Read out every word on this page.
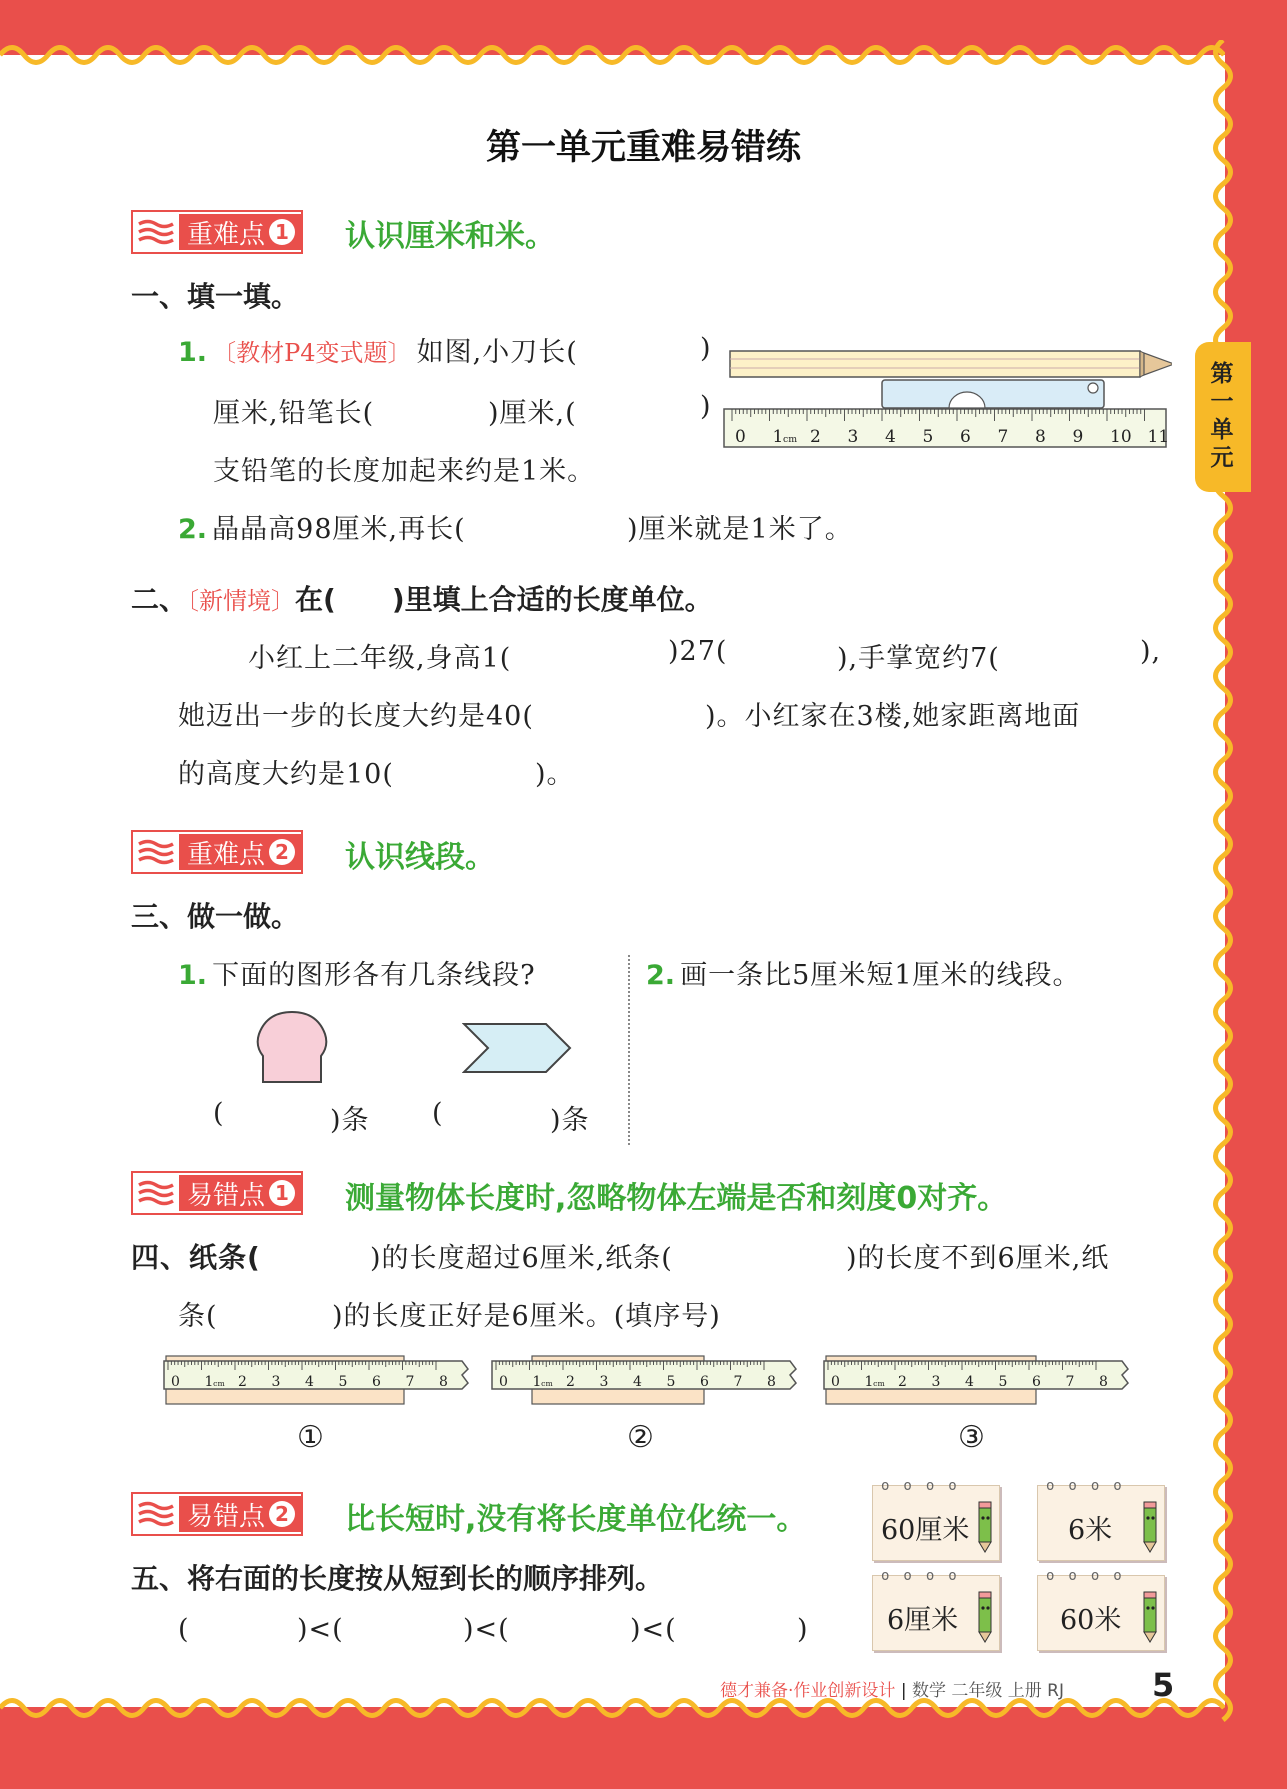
第一单元
第一单元重难易错练
重难点 1 认识厘米和米。
一、填一填。
1. 〔教材P4变式题〕 如图,小刀长(	)
厘米,铅笔长(	)厘米,(	)
支铅笔的长度加起来约是1米。
0 1 cm 2 3 4 5 6 7 8 9 10 11
2. 晶晶高98厘米,再长(	)厘米就是1米了。
二、〔新情境〕在(　　)里填上合适的长度单位。
小红上二年级,身高1(	)27(	),手掌宽约7(	),
她迈出一步的长度大约是40(	)。小红家在3楼,她家距离地面
的高度大约是10(	)。
重难点 2 认识线段。
三、做一做。
1. 下面的图形各有几条线段?	2. 画一条比5厘米短1厘米的线段。
(	)条 (	)条
易错点 1 测量物体长度时,忽略物体左端是否和刻度0对齐。
四、纸条(	)的长度超过6厘米,纸条(	)的长度不到6厘米,纸
条(	)的长度正好是6厘米。(填序号)
0 1 cm 2 3 4 5 6 7 8	0 1 cm 2 3 4 5 6 7 8	0 1 cm 2 3 4 5 6 7 8
①	②	③
易错点 2 比长短时,没有将长度单位化统一。
五、将右面的长度按从短到长的顺序排列。
(	)<(	)<(	)<(	)
oooo
60厘米
oooo
6米
oooo
6厘米
oooo
60米
德才兼备·作业创新设计 | 数学 二年级 上册 RJ	5
